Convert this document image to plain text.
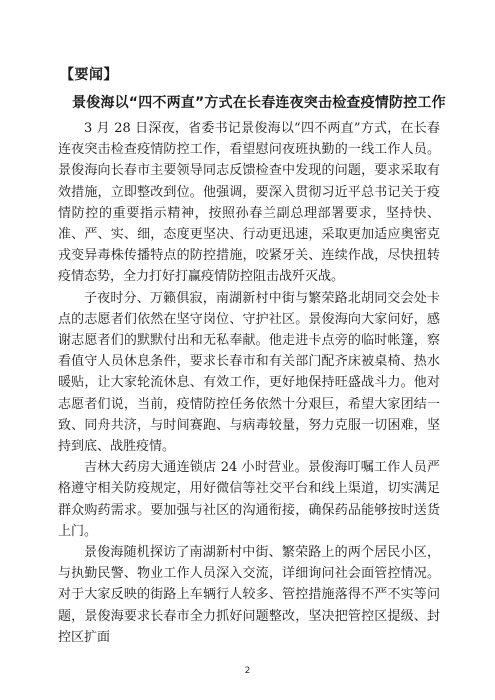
【要闻】
景俊海以“四不两直”方式在长春连夜突击检查疫情防控工作

3 月 28 日深夜，省委书记景俊海以“四不两直”方式，在长春连夜突击检查疫情防控工作，看望慰问夜班执勤的一线工作人员。景俊海向长春市主要领导同志反馈检查中发现的问题，要求采取有效措施，立即整改到位。他强调，要深入贯彻习近平总书记关于疫情防控的重要指示精神，按照孙春兰副总理部署要求，坚持快、准、严、实、细，态度更坚决、行动更迅速，采取更加适应奥密克戎变异毒株传播特点的防控措施，咬紧牙关、连续作战，尽快扭转疫情态势，全力打好打赢疫情防控阻击战歼灭战。

子夜时分、万籁俱寂，南湖新村中街与繁荣路北胡同交会处卡点的志愿者们依然在坚守岗位、守护社区。景俊海向大家问好，感谢志愿者们的默默付出和无私奉献。他走进卡点旁的临时帐篷，察看值守人员休息条件，要求长春市和有关部门配齐床被桌椅、热水暖贴，让大家轮流休息、有效工作，更好地保持旺盛战斗力。他对志愿者们说，当前，疫情防控任务依然十分艰巨，希望大家团结一致、同舟共济，与时间赛跑、与病毒较量，努力克服一切困难，坚持到底、战胜疫情。

吉林大药房大通连锁店 24 小时营业。景俊海叮嘱工作人员严格遵守相关防疫规定，用好微信等社交平台和线上渠道，切实满足群众购药需求。要加强与社区的沟通衔接，确保药品能够按时送货上门。

景俊海随机探访了南湖新村中街、繁荣路上的两个居民小区，与执勤民警、物业工作人员深入交流，详细询问社会面管控情况。对于大家反映的街路上车辆行人较多、管控措施落得不严不实等问题，景俊海要求长春市全力抓好问题整改，坚决把管控区提级、封控区扩面

2
